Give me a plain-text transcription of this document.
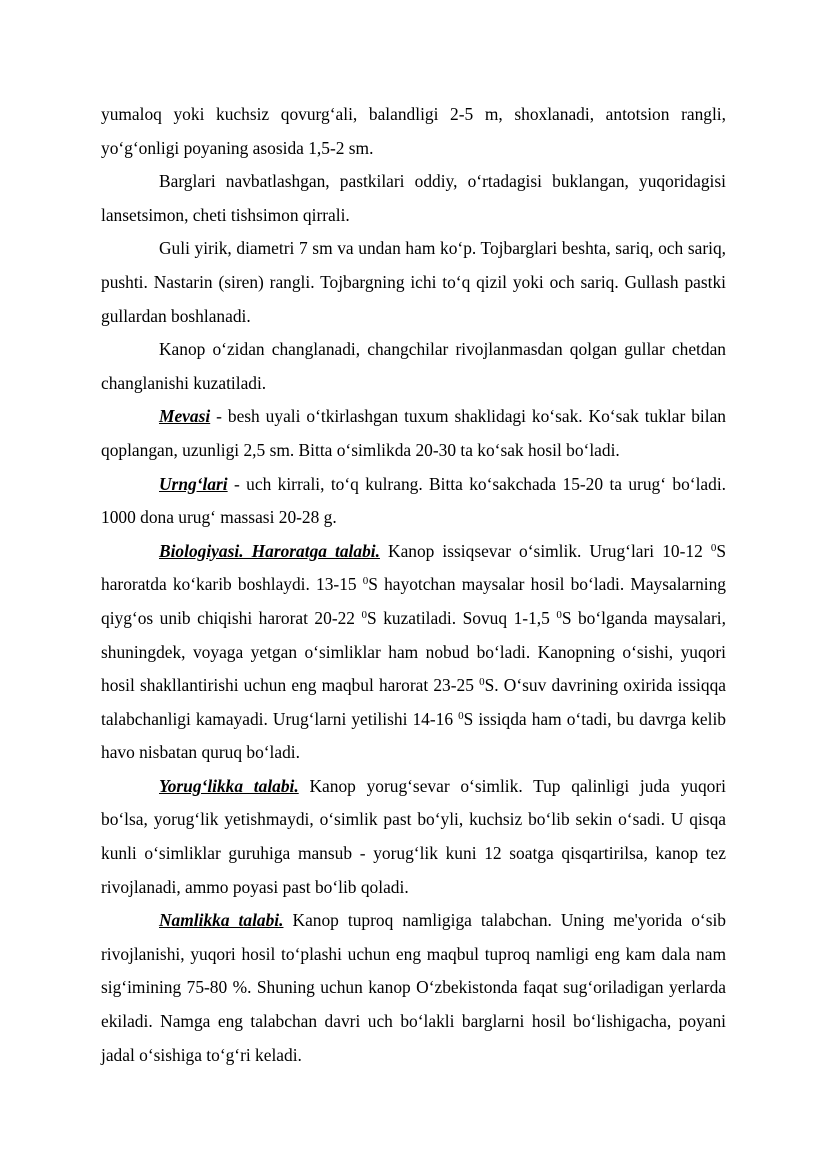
yumaloq yoki kuchsiz qovurg‘ali, balandligi 2-5 m, shoxlanadi, antotsion rangli, yo‘g‘onligi poyaning asosida 1,5-2 sm.

Barglari navbatlashgan, pastkilari oddiy, o‘rtadagisi buklangan, yuqoridagisi lansetsimon, cheti tishsimon qirrali.

Guli yirik, diametri 7 sm va undan ham ko‘p. Tojbarglari beshta, sariq, och sariq, pushti. Nastarin (siren) rangli. Tojbargning ichi to‘q qizil yoki och sariq. Gullash pastki gullardan boshlanadi.

Kanop o‘zidan changlanadi, changchilar rivojlanmasdan qolgan gullar chetdan changlanishi kuzatiladi.

Mevasi - besh uyali o‘tkirlashgan tuxum shaklidagi ko‘sak. Ko‘sak tuklar bilan qoplangan, uzunligi 2,5 sm. Bitta o‘simlikda 20-30 ta ko‘sak hosil bo‘ladi.

Urng‘lari - uch kirrali, to‘q kulrang. Bitta ko‘sakchada 15-20 ta urug‘ bo‘ladi. 1000 dona urug‘ massasi 20-28 g.

Biologiyasi. Haroratga talabi. Kanop issiqsevar o‘simlik. Urug‘lari 10-12 $^0$S haroratda ko‘karib boshlaydi. 13-15 $^0$S hayotchan maysalar hosil bo‘ladi. Maysalarning qiyg‘os unib chiqishi harorat 20-22 $^0$S kuzatiladi. Sovuq 1-1,5 $^0$S bo‘lganda maysalari, shuningdek, voyaga yetgan o‘simliklar ham nobud bo‘ladi. Kanopning o‘sishi, yuqori hosil shakllantirishi uchun eng maqbul harorat 23-25 $^0$S. O‘suv davrining oxirida issiqqa talabchanligi kamayadi. Urug‘larni yetilishi 14-16 $^0$S issiqda ham o‘tadi, bu davrga kelib havo nisbatan quruq bo‘ladi.

Yorug‘likka talabi. Kanop yorug‘sevar o‘simlik. Tup qalinligi juda yuqori bo‘lsa, yorug‘lik yetishmaydi, o‘simlik past bo‘yli, kuchsiz bo‘lib sekin o‘sadi. U qisqa kunli o‘simliklar guruhiga mansub - yorug‘lik kuni 12 soatga qisqartirilsa, kanop tez rivojlanadi, ammo poyasi past bo‘lib qoladi.

Namlikka talabi. Kanop tuproq namligiga talabchan. Uning me'yorida o‘sib rivojlanishi, yuqori hosil to‘plashi uchun eng maqbul tuproq namligi eng kam dala nam sig‘imining 75-80 %. Shuning uchun kanop O‘zbekistonda faqat sug‘oriladigan yerlarda ekiladi. Namga eng talabchan davri uch bo‘lakli barglarni hosil bo‘lishigacha, poyani jadal o‘sishiga to‘g‘ri keladi.
